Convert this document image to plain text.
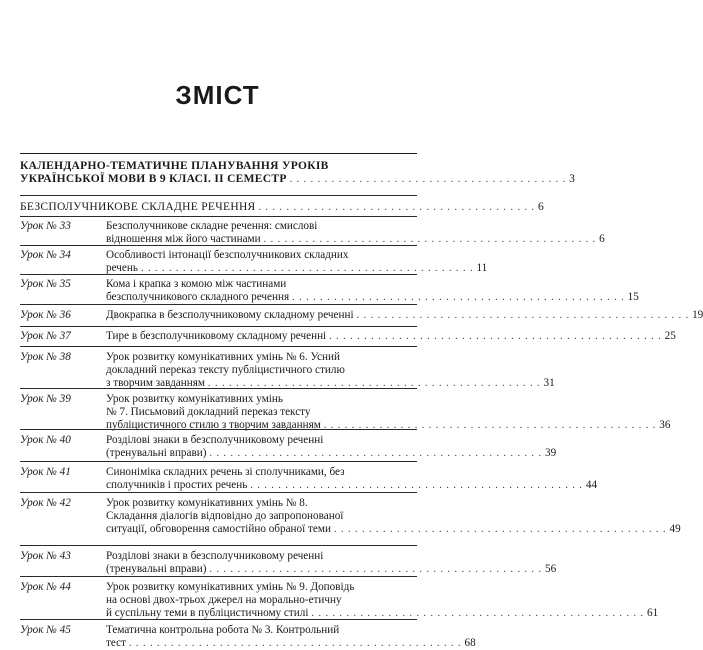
ЗМІСТ
КАЛЕНДАРНО-ТЕМАТИЧНЕ ПЛАНУВАННЯ УРОКІВ
УКРАЇНСЬКОЇ МОВИ В 9 КЛАСІ. ІІ СЕМЕСТР . . . . . . . . . . . . . . . . . . . . . . . . . . . . . . . . . . . . . . . . 3
БЕЗСПОЛУЧНИКОВЕ СКЛАДНЕ РЕЧЕННЯ . . . . . . . . . . . . . . . . . . . . . . . . . . . . . . . . . . . . . . . . 6
Урок № 33	Безсполучникове складне речення: смислові
відношення між його частинами . . . . . . . . . . . . . . . . . . . . . . . . . . . . . . . . . . . . . . . . . . . . . . . . 6
Урок № 34	Особливості інтонації безсполучникових складних
речень . . . . . . . . . . . . . . . . . . . . . . . . . . . . . . . . . . . . . . . . . . . . . . . . 11
Урок № 35	Кома і крапка з комою між частинами
безсполучникового складного речення . . . . . . . . . . . . . . . . . . . . . . . . . . . . . . . . . . . . . . . . . . . . . . . . 15
Урок № 36	Двокрапка в безсполучниковому складному реченні . . . . . . . . . . . . . . . . . . . . . . . . . . . . . . . . . . . . . . . . . . . . . . . . 19
Урок № 37	Тире в безсполучниковому складному реченні . . . . . . . . . . . . . . . . . . . . . . . . . . . . . . . . . . . . . . . . . . . . . . . . 25
Урок № 38	Урок розвитку комунікативних умінь № 6. Усний
докладний переказ тексту публіцистичного стилю
з творчим завданням . . . . . . . . . . . . . . . . . . . . . . . . . . . . . . . . . . . . . . . . . . . . . . . . 31
Урок № 39	Урок розвитку комунікативних умінь
№ 7. Письмовий докладний переказ тексту
публіцистичного стилю з творчим завданням . . . . . . . . . . . . . . . . . . . . . . . . . . . . . . . . . . . . . . . . . . . . . . . . 36
Урок № 40	Розділові знаки в безсполучниковому реченні
(тренувальні вправи) . . . . . . . . . . . . . . . . . . . . . . . . . . . . . . . . . . . . . . . . . . . . . . . . 39
Урок № 41	Синоніміка складних речень зі сполучниками, без
сполучників і простих речень . . . . . . . . . . . . . . . . . . . . . . . . . . . . . . . . . . . . . . . . . . . . . . . . 44
Урок № 42	Урок розвитку комунікативних умінь № 8.
Складання діалогів відповідно до запропонованої
ситуації, обговорення самостійно обраної теми . . . . . . . . . . . . . . . . . . . . . . . . . . . . . . . . . . . . . . . . . . . . . . . . 49
Урок № 43	Розділові знаки в безсполучниковому реченні
(тренувальні вправи) . . . . . . . . . . . . . . . . . . . . . . . . . . . . . . . . . . . . . . . . . . . . . . . . 56
Урок № 44	Урок розвитку комунікативних умінь № 9. Доповідь
на основі двох-трьох джерел на морально-етичну
й суспільну теми в публіцистичному стилі . . . . . . . . . . . . . . . . . . . . . . . . . . . . . . . . . . . . . . . . . . . . . . . . 61
Урок № 45	Тематична контрольна робота № 3. Контрольний
тест . . . . . . . . . . . . . . . . . . . . . . . . . . . . . . . . . . . . . . . . . . . . . . . . 68
